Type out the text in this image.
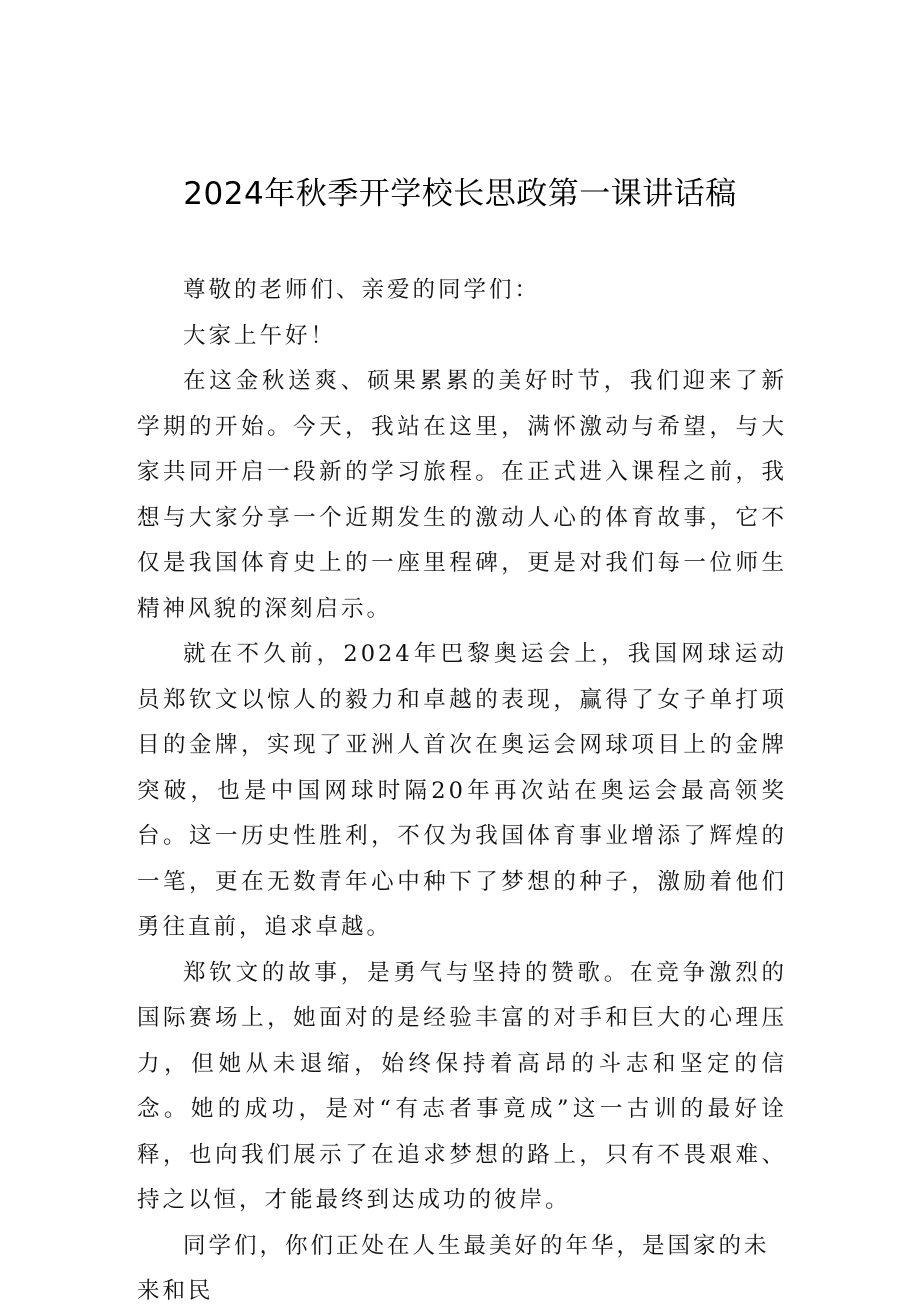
2024年秋季开学校长思政第一课讲话稿

尊敬的老师们、亲爱的同学们：

大家上午好！

在这金秋送爽、硕果累累的美好时节，我们迎来了新学期的开始。今天，我站在这里，满怀激动与希望，与大家共同开启一段新的学习旅程。在正式进入课程之前，我想与大家分享一个近期发生的激动人心的体育故事，它不仅是我国体育史上的一座里程碑，更是对我们每一位师生精神风貌的深刻启示。

就在不久前，2024年巴黎奥运会上，我国网球运动员郑钦文以惊人的毅力和卓越的表现，赢得了女子单打项目的金牌，实现了亚洲人首次在奥运会网球项目上的金牌突破，也是中国网球时隔20年再次站在奥运会最高领奖台。这一历史性胜利，不仅为我国体育事业增添了辉煌的一笔，更在无数青年心中种下了梦想的种子，激励着他们勇往直前，追求卓越。

郑钦文的故事，是勇气与坚持的赞歌。在竞争激烈的国际赛场上，她面对的是经验丰富的对手和巨大的心理压力，但她从未退缩，始终保持着高昂的斗志和坚定的信念。她的成功，是对“有志者事竟成”这一古训的最好诠释，也向我们展示了在追求梦想的路上，只有不畏艰难、持之以恒，才能最终到达成功的彼岸。

同学们，你们正处在人生最美好的年华，是国家的未来和民
